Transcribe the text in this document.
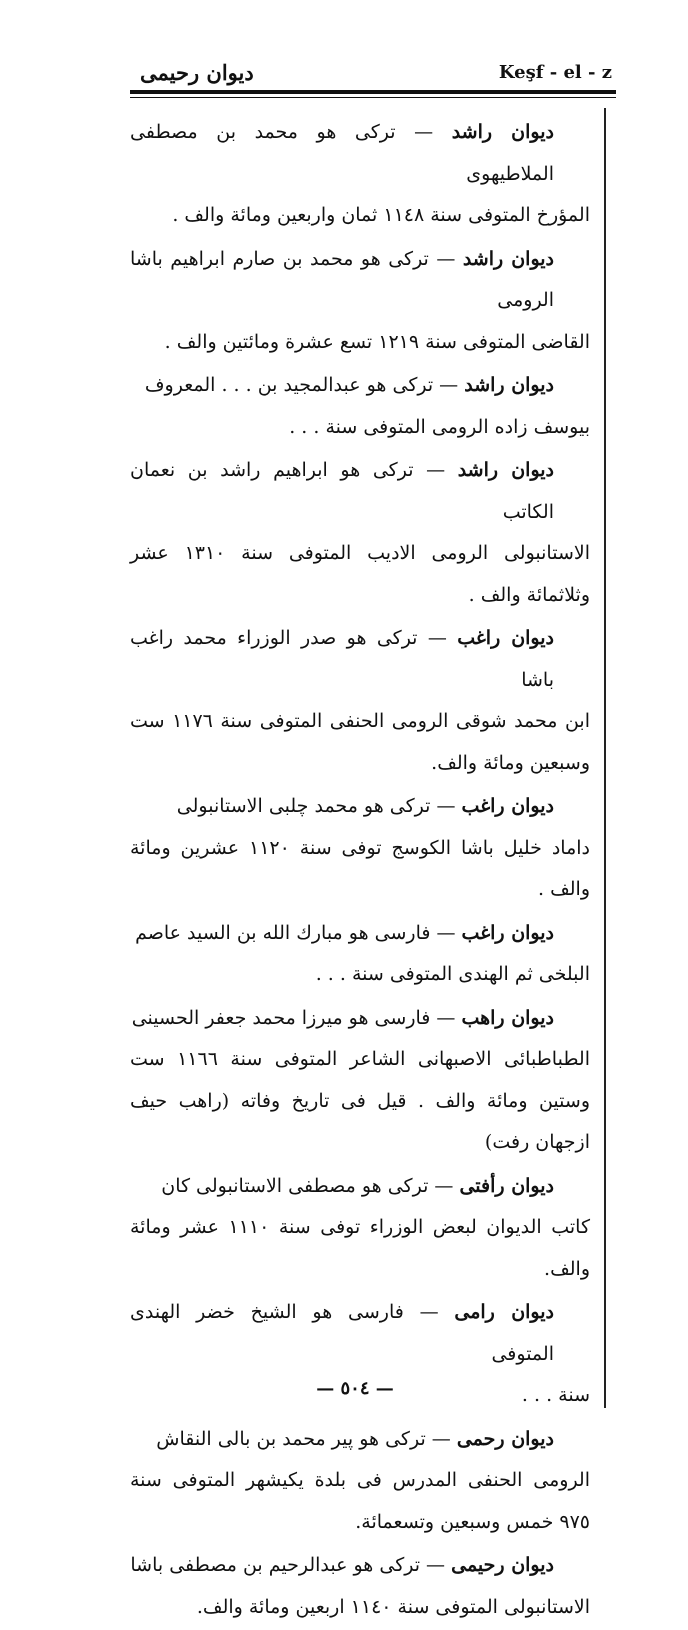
ديوان رحيمى	Keşf - el - z
ديوان راشد — تركى هو محمد بن مصطفى الملاطيهوى
المؤرخ المتوفى سنة ١١٤٨ ثمان واربعين ومائة والف .
ديوان راشد — تركى هو محمد بن صارم ابراهيم باشا الرومى
القاضى المتوفى سنة ١٢١٩ تسع عشرة ومائتين والف .
ديوان راشد — تركى هو عبدالمجيد بن . . . المعروف
بيوسف زاده الرومى المتوفى سنة . . .
ديوان راشد — تركى هو ابراهيم راشد بن نعمان الكاتب
الاستانبولى الرومى الاديب المتوفى سنة ١٣١٠ عشر وثلاثمائة والف .
ديوان راغب — تركى هو صدر الوزراء محمد راغب باشا
ابن محمد شوقى الرومى الحنفى المتوفى سنة ١١٧٦ ست وسبعين ومائة والف.
ديوان راغب — تركى هو محمد چلبى الاستانبولى
داماد خليل باشا الكوسج توفى سنة ١١٢٠ عشرين ومائة والف .
ديوان راغب — فارسى هو مبارك الله بن السيد عاصم
البلخى ثم الهندى المتوفى سنة . . .
ديوان راهب — فارسى هو ميرزا محمد جعفر الحسينى
الطباطبائى الاصبهانى الشاعر المتوفى سنة ١١٦٦ ست وستين ومائة والف . قيل فى تاريخ وفاته (راهب حيف ازجهان رفت)
ديوان رأفتى — تركى هو مصطفى الاستانبولى كان
كاتب الديوان لبعض الوزراء توفى سنة ١١١٠ عشر ومائة والف.
ديوان رامى — فارسى هو الشيخ خضر الهندى المتوفى
سنة . . .
ديوان رحمى — تركى هو پير محمد بن بالى النقاش
الرومى الحنفى المدرس فى بلدة يكيشهر المتوفى سنة ٩٧٥ خمس وسبعين وتسعمائة.
ديوان رحيمى — تركى هو عبدالرحيم بن مصطفى باشا
الاستانبولى المتوفى سنة ١١٤٠ اربعين ومائة والف.
— ٥٠٤ —
